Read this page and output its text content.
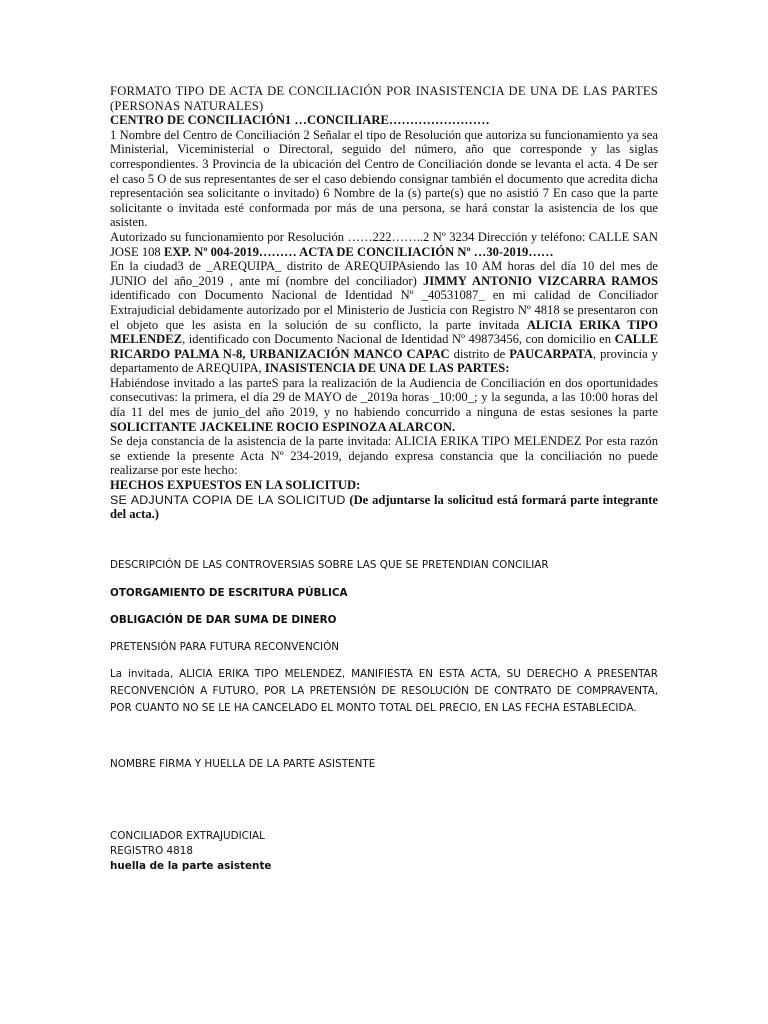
FORMATO TIPO DE ACTA DE CONCILIACIÓN POR INASISTENCIA DE UNA DE LAS PARTES (PERSONAS NATURALES)

CENTRO DE CONCILIACIÓN1 …CONCILIARE……………………

1 Nombre del Centro de Conciliación 2 Señalar el tipo de Resolución que autoriza su funcionamiento ya sea Ministerial, Viceministerial o Directoral, seguido del número, año que corresponde y las siglas correspondientes. 3 Provincia de la ubicación del Centro de Conciliación donde se levanta el acta. 4 De ser el caso 5 O de sus representantes de ser el caso debiendo consignar también el documento que acredita dicha representación sea solicitante o invitado) 6 Nombre de la (s) parte(s) que no asistió 7 En caso que la parte solicitante o invitada esté conformada por más de una persona, se hará constar la asistencia de los que asisten.

Autorizado su funcionamiento por Resolución ……222……..2 Nº 3234 Dirección y teléfono: CALLE SAN JOSE 108 EXP. Nº 004-2019……… ACTA DE CONCILIACIÓN Nº …30-2019……

En la ciudad3 de _AREQUIPA_ distrito de AREQUIPAsiendo las 10 AM horas del día 10 del mes de JUNIO del año_2019 , ante mí (nombre del conciliador) JIMMY ANTONIO VIZCARRA RAMOS identificado con Documento Nacional de Identidad Nº _40531087_ en mi calidad de Conciliador Extrajudicial debidamente autorizado por el Ministerio de Justicia con Registro Nº 4818 se presentaron con el objeto que les asista en la solución de su conflicto, la parte invitada ALICIA ERIKA TIPO MELENDEZ, identificado con Documento Nacional de Identidad Nº 49873456, con domicilio en CALLE RICARDO PALMA N-8, URBANIZACIÓN MANCO CAPAC distrito de PAUCARPATA, provincia y departamento de AREQUIPA, INASISTENCIA DE UNA DE LAS PARTES:

Habiéndose invitado a las parteS para la realización de la Audiencia de Conciliación en dos oportunidades consecutivas: la primera, el día 29 de MAYO de _2019a horas _10:00_; y la segunda, a las 10:00 horas del día 11 del mes de junio_del año 2019, y no habiendo concurrido a ninguna de estas sesiones la parte SOLICITANTE JACKELINE ROCIO ESPINOZA ALARCON.

Se deja constancia de la asistencia de la parte invitada: ALICIA ERIKA TIPO MELENDEZ Por esta razón se extiende la presente Acta Nº 234-2019, dejando expresa constancia que la conciliación no puede realizarse por este hecho:

HECHOS EXPUESTOS EN LA SOLICITUD:

SE ADJUNTA COPIA DE LA SOLICITUD (De adjuntarse la solicitud está formará parte integrante del acta.)

DESCRIPCIÓN DE LAS CONTROVERSIAS SOBRE LAS QUE SE PRETENDIAN CONCILIAR

OTORGAMIENTO DE ESCRITURA PÚBLICA

OBLIGACIÓN DE DAR SUMA DE DINERO

PRETENSIÓN PARA FUTURA RECONVENCIÓN

La invitada, ALICIA ERIKA TIPO MELENDEZ, MANIFIESTA EN ESTA ACTA, SU DERECHO A PRESENTAR RECONVENCIÓN A FUTURO, POR LA PRETENSIÓN DE RESOLUCIÓN DE CONTRATO DE COMPRAVENTA, POR CUANTO NO SE LE HA CANCELADO EL MONTO TOTAL DEL PRECIO, EN LAS FECHA ESTABLECIDA.

NOMBRE FIRMA Y HUELLA DE LA PARTE ASISTENTE

CONCILIADOR EXTRAJUDICIAL

REGISTRO 4818

huella de la parte asistente
